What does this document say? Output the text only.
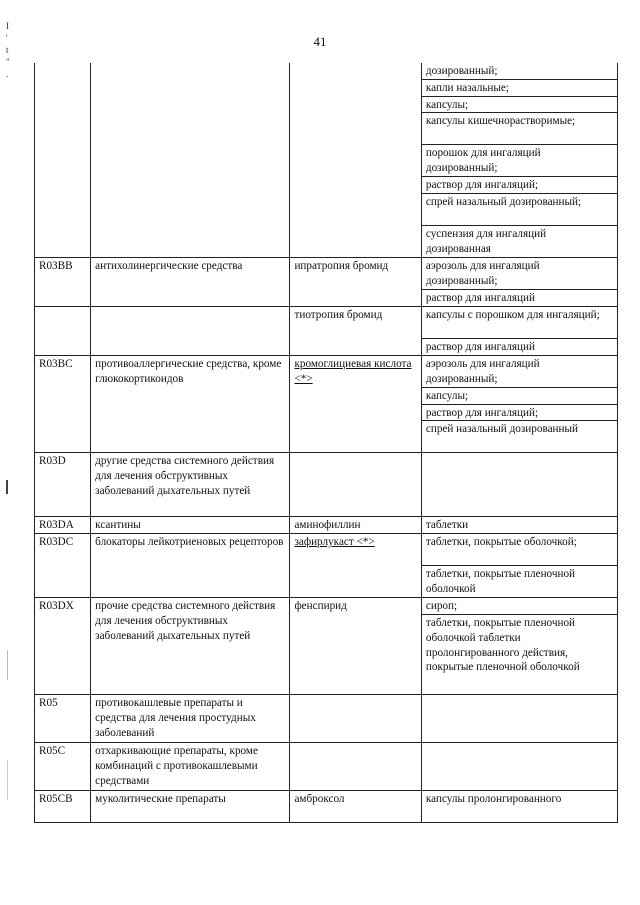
41
I
'
t
"
.
				дозированный;
			капли назальные;
			капсулы;
			капсулы кишечнорастворимые;
			порошок для ингаляций дозированный;
			раствор для ингаляций;
			спрей назальный дозированный;
			суспензия для ингаляций дозированная
R03BB	антихолинергические средства	ипратропия бромид	аэрозоль для ингаляций дозированный;
			раствор для ингаляций
		тиотропия бромид	капсулы с порошком для ингаляций;
			раствор для ингаляций
R03BC	противоаллергические средства, кроме глюкокортикоидов	кромоглициевая кислота <*>	аэрозоль для ингаляций дозированный;
			капсулы;
			раствор для ингаляций;
			спрей назальный дозированный
R03D	другие средства системного действия для лечения обструктивных заболеваний дыхательных путей		
R03DA	ксантины	аминофиллин	таблетки
R03DC	блокаторы лейкотриеновых рецепторов	зафирлукаст <*>	таблетки, покрытые оболочкой;
			таблетки, покрытые пленочной оболочкой
R03DX	прочие средства системного действия для лечения обструктивных заболеваний дыхательных путей	фенспирид	сироп;
			таблетки, покрытые пленочной оболочкой таблетки пролонгированного действия, покрытые пленочной оболочкой
R05	противокашлевые препараты и средства для лечения простудных заболеваний		
R05C	отхаркивающие препараты, кроме комбинаций с противокашлевыми средствами		
R05CB	муколитические препараты	амброксол	капсулы пролонгированного
